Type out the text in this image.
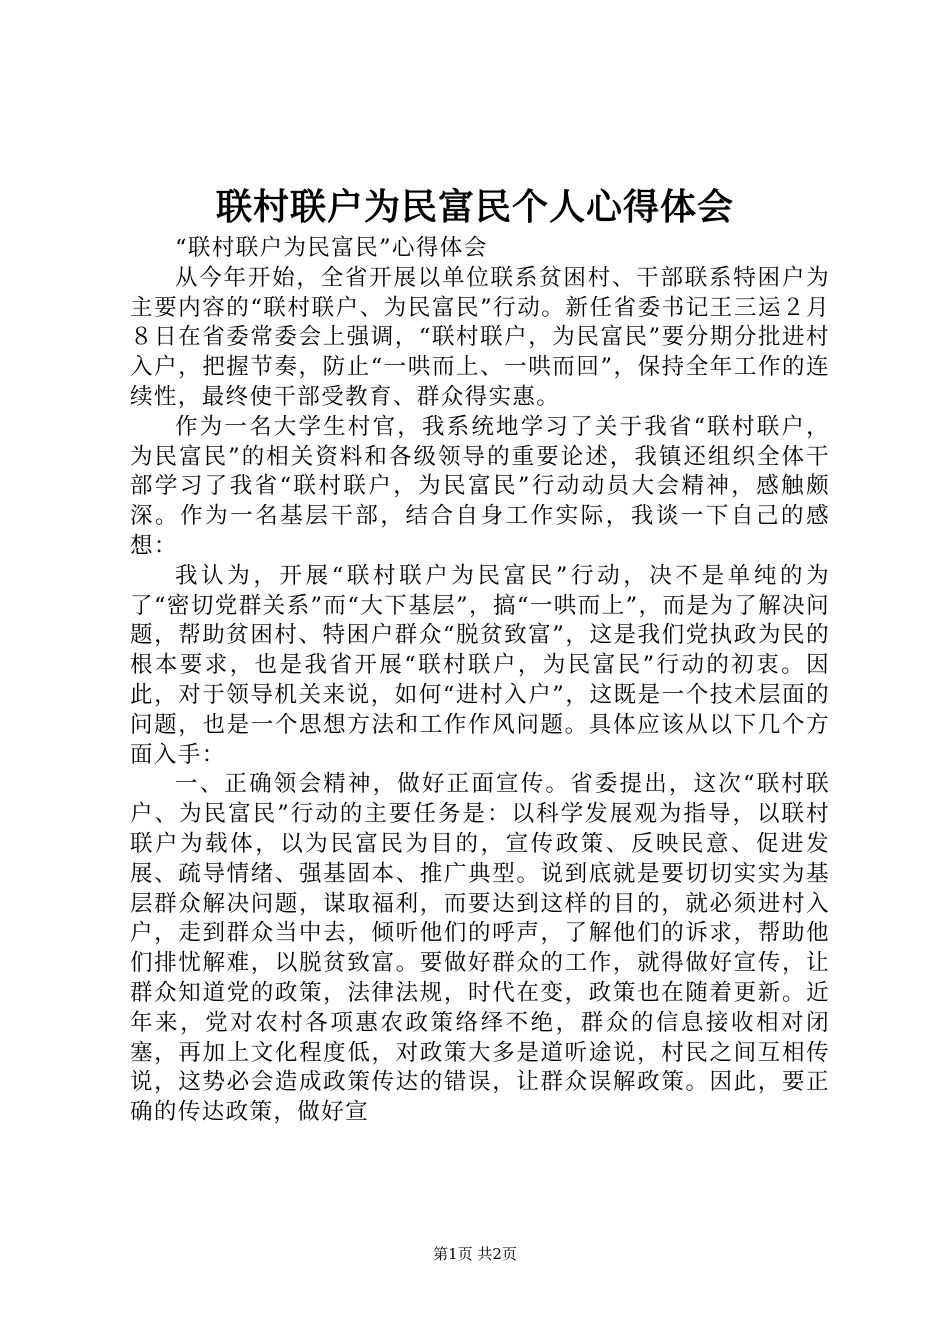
联村联户为民富民个人心得体会

“联村联户为民富民”心得体会

从今年开始，全省开展以单位联系贫困村、干部联系特困户为主要内容的“联村联户、为民富民”行动。新任省委书记王三运２月８日在省委常委会上强调，“联村联户，为民富民”要分期分批进村入户，把握节奏，防止“一哄而上、一哄而回”，保持全年工作的连续性，最终使干部受教育、群众得实惠。

作为一名大学生村官，我系统地学习了关于我省“联村联户，为民富民”的相关资料和各级领导的重要论述，我镇还组织全体干部学习了我省“联村联户，为民富民”行动动员大会精神，感触颇深。作为一名基层干部，结合自身工作实际，我谈一下自己的感想：

我认为，开展“联村联户为民富民”行动，决不是单纯的为了“密切党群关系”而“大下基层”，搞“一哄而上”，而是为了解决问题，帮助贫困村、特困户群众“脱贫致富”，这是我们党执政为民的根本要求，也是我省开展“联村联户，为民富民”行动的初衷。因此，对于领导机关来说，如何“进村入户”，这既是一个技术层面的问题，也是一个思想方法和工作作风问题。具体应该从以下几个方面入手：

一、正确领会精神，做好正面宣传。省委提出，这次“联村联户、为民富民”行动的主要任务是：以科学发展观为指导，以联村联户为载体，以为民富民为目的，宣传政策、反映民意、促进发展、疏导情绪、强基固本、推广典型。说到底就是要切切实实为基层群众解决问题，谋取福利，而要达到这样的目的，就必须进村入户，走到群众当中去，倾听他们的呼声，了解他们的诉求，帮助他们排忧解难，以脱贫致富。要做好群众的工作，就得做好宣传，让群众知道党的政策，法律法规，时代在变，政策也在随着更新。近年来，党对农村各项惠农政策络绎不绝，群众的信息接收相对闭塞，再加上文化程度低，对政策大多是道听途说，村民之间互相传说，这势必会造成政策传达的错误，让群众误解政策。因此，要正确的传达政策，做好宣

第1页 共2页
